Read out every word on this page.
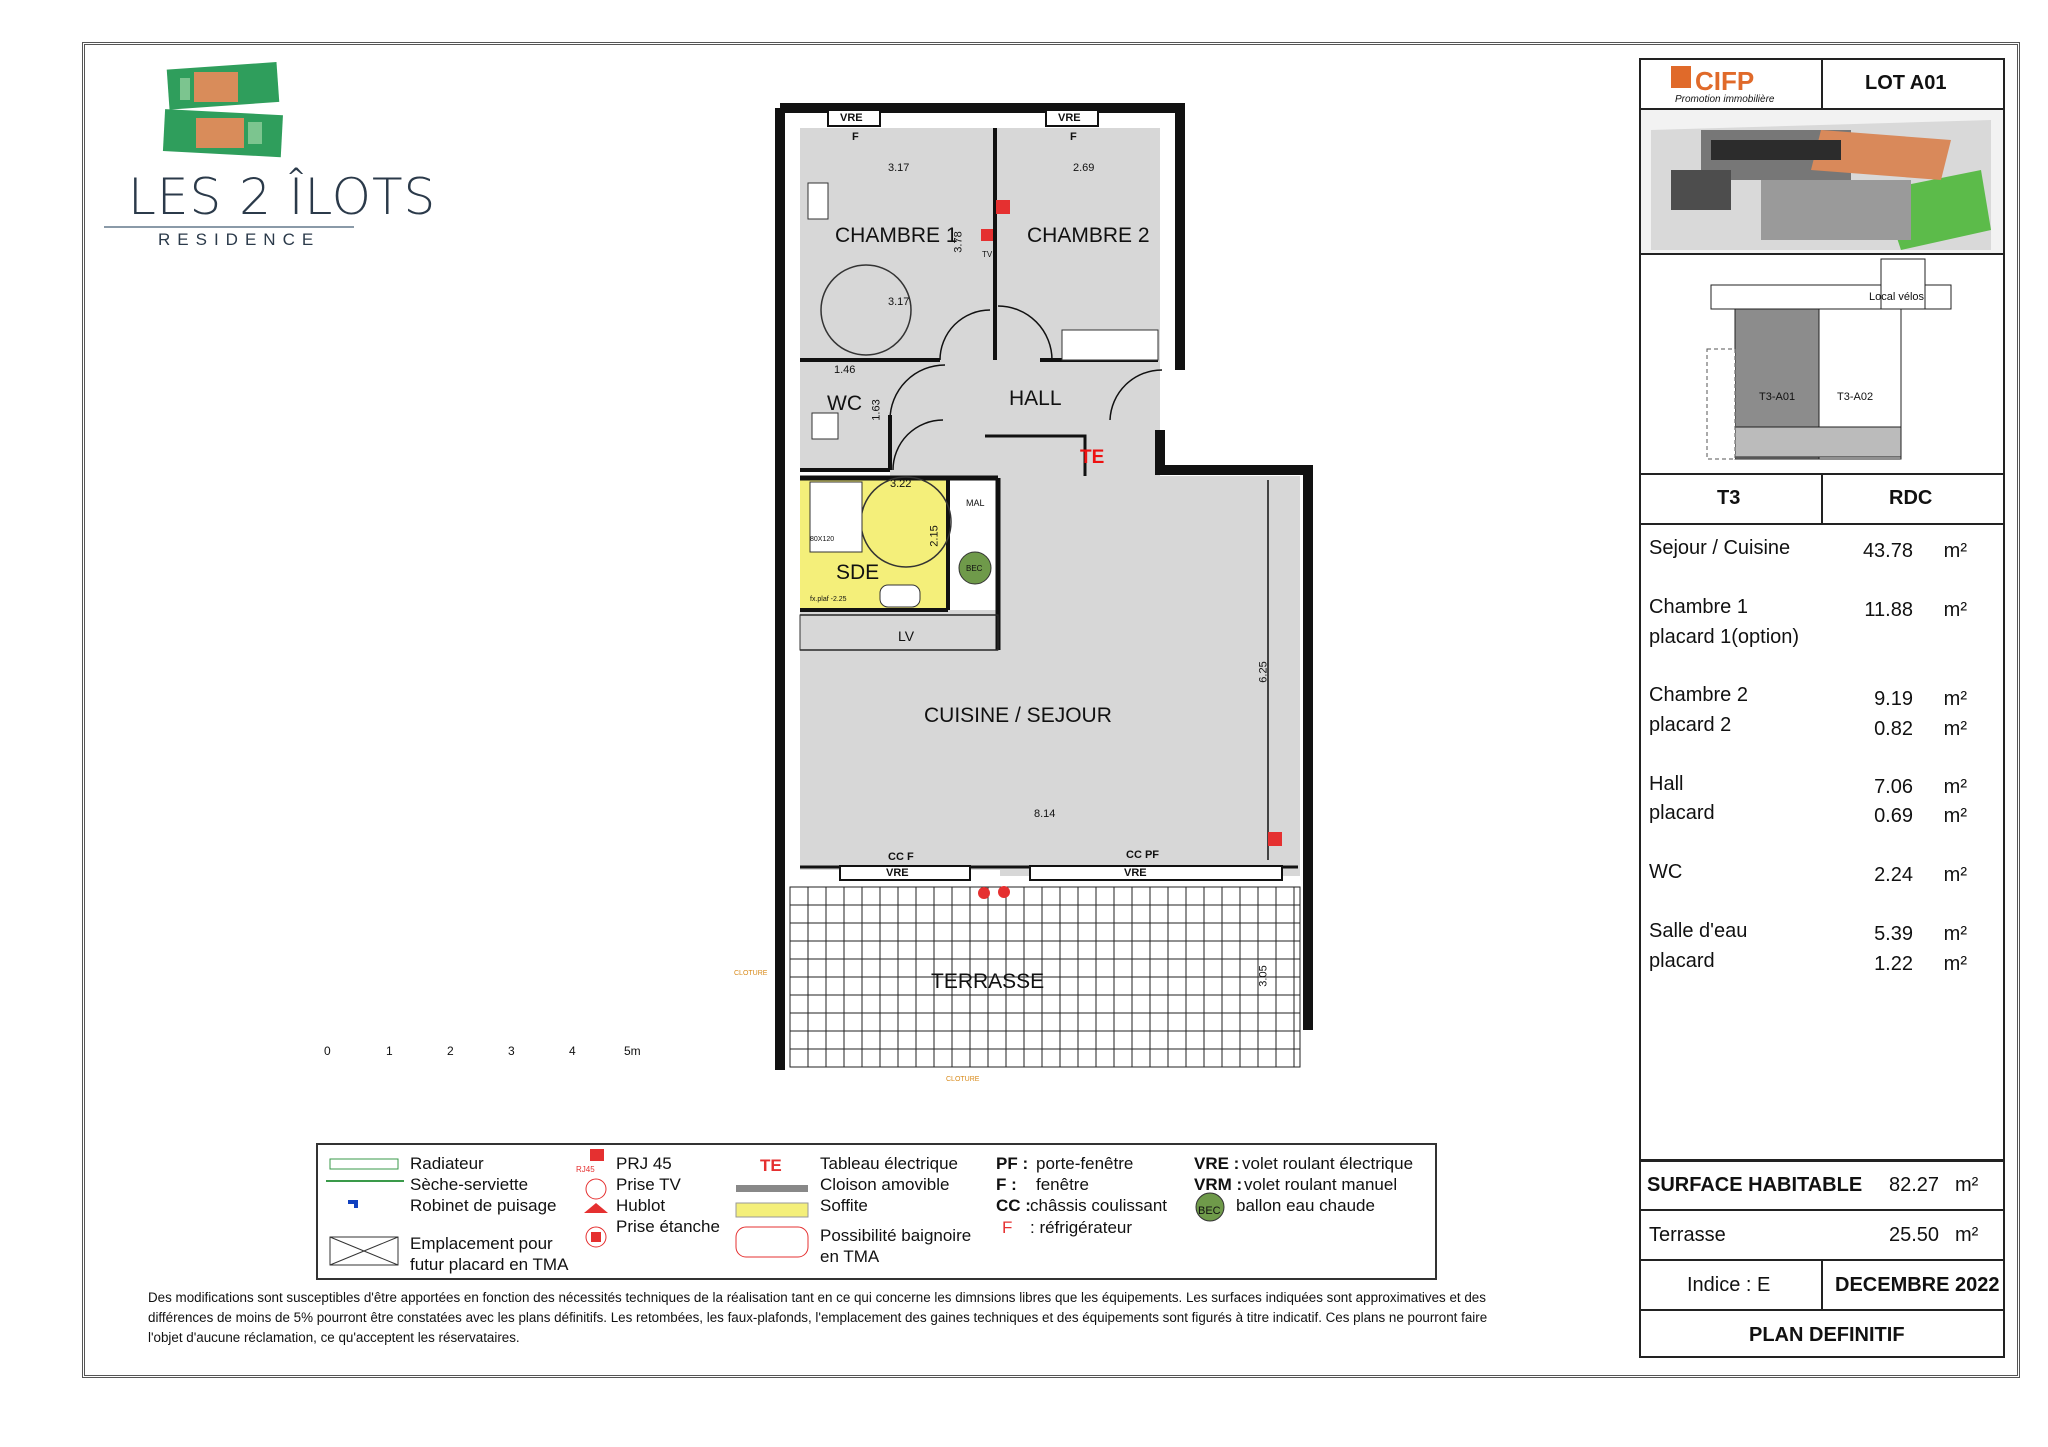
LES 2 ÎLOTS
RESIDENCE	CHAMBRE 1	CHAMBRE 2
WC	HALL
SDE
TE
CUISINE / SEJOUR
TERRASSE
LV
MAL
BEC
TV
3.17	2.69
3.78
3.17
1.46
1.63
3.22
2.15
6.25
8.14
3.05
80X120
fx.plaf -2.25
VRE	VRE
F	F
VRE	VRE
CC F	CC PF
CLOTURE
CLOTURE
0	1	2	3	4	5m
CIFP
Promotion immobilière
LOT A01
Local vélos
T3-A01	T3-A02
T3	RDC
Sejour / Cuisine	43.78 m²
Chambre 1	11.88 m²
placard 1(option)
Chambre 2	9.19 m²
placard 2	0.82 m²
Hall	7.06 m²
placard	0.69 m²
WC	2.24 m²
Salle d'eau	5.39 m²
placard	1.22 m²
SURFACE HABITABLE 82.27 m²
Terrasse	25.50 m²
Indice : E	DECEMBRE 2022
PLAN DEFINITIF
Radiateur
Sèche-serviette
Robinet de puisage
Emplacement pour
futur placard en TMA
RJ45 PRJ 45
Prise TV
Hublot
Prise étanche
TE Tableau électrique
Cloison amovible
Soffite
Possibilité baignoire
en TMA
PF : porte-fenêtre
F : fenêtre
CC : châssis coulissant
F : réfrigérateur
VRE : volet roulant électrique
VRM : volet roulant manuel
BEC ballon eau chaude
Des modifications sont susceptibles d'être apportées en fonction des nécessités techniques de la réalisation tant en ce qui concerne les dimnsions libres que les équipements. Les surfaces indiquées sont approximatives et des différences de moins de 5% pourront être constatées avec les plans définitifs. Les retombées, les faux-plafonds, l'emplacement des gaines techniques et des équipements sont figurés à titre indicatif. Ces plans ne pourront faire l'objet d'aucune réclamation, ce qu'acceptent les réservataires.
